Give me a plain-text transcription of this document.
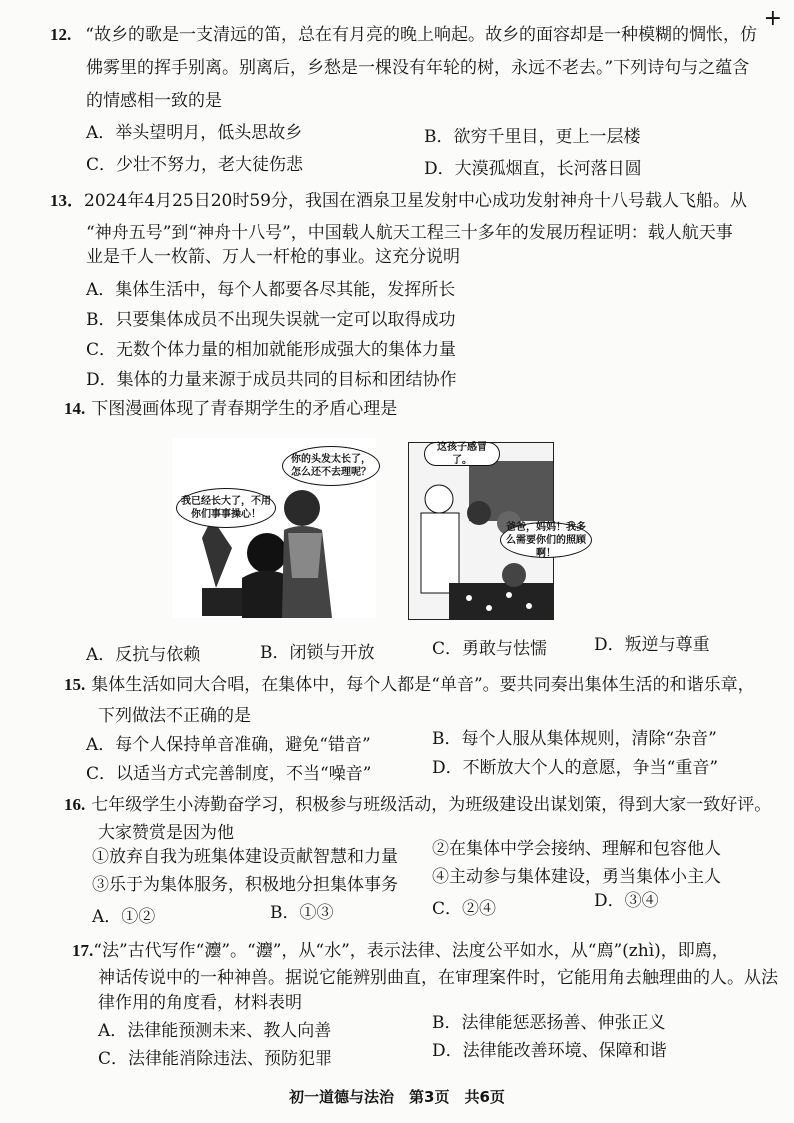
+
12. “故乡的歌是一支清远的笛，总在有月亮的晚上响起。故乡的面容却是一种模糊的惆怅，仿
佛雾里的挥手别离。别离后，乡愁是一棵没有年轮的树，永远不老去。”下列诗句与之蕴含
的情感相一致的是
A．举头望明月，低头思故乡	B．欲穷千里目，更上一层楼
C．少壮不努力，老大徒伤悲	D．大漠孤烟直，长河落日圆
13．2024年4月25日20时59分，我国在酒泉卫星发射中心成功发射神舟十八号载人飞船。从
“神舟五号”到“神舟十八号”，中国载人航天工程三十多年的发展历程证明：载人航天事
业是千人一枚箭、万人一杆枪的事业。这充分说明
A．集体生活中，每个人都要各尽其能，发挥所长
B．只要集体成员不出现失误就一定可以取得成功
C．无数个体力量的相加就能形成强大的集体力量
D．集体的力量来源于成员共同的目标和团结协作
14. 下图漫画体现了青春期学生的矛盾心理是
你的头发太长了，怎么还不去理呢？
我已经长大了，不用你们事事操心！
这孩子感冒了。
爸爸，妈妈！我多么需要你们的照顾啊！
A．反抗与依赖	B．闭锁与开放	C．勇敢与怯懦	D．叛逆与尊重
15. 集体生活如同大合唱，在集体中，每个人都是“单音”。要共同奏出集体生活的和谐乐章，
下列做法不正确的是
A．每个人保持单音准确，避免“错音”	B．每个人服从集体规则，清除“杂音”
C．以适当方式完善制度，不当“噪音”	D．不断放大个人的意愿，争当“重音”
16. 七年级学生小涛勤奋学习，积极参与班级活动，为班级建设出谋划策，得到大家一致好评。
大家赞赏是因为他
①放弃自我为班集体建设贡献智慧和力量 ②在集体中学会接纳、理解和包容他人
③乐于为集体服务，积极地分担集体事务 ④主动参与集体建设，勇当集体小主人
A．①②	B．①③	C．②④	D．③④
17.“法”古代写作“灋”。“灋”，从“水”，表示法律、法度公平如水，从“廌”(zhì)，即廌，
神话传说中的一种神兽。据说它能辨别曲直，在审理案件时，它能用角去触理曲的人。从法
律作用的角度看，材料表明
A．法律能预测未来、教人向善	B．法律能惩恶扬善、伸张正义
C．法律能消除违法、预防犯罪	D．法律能改善环境、保障和谐
初一道德与法治　第3页　共6页
